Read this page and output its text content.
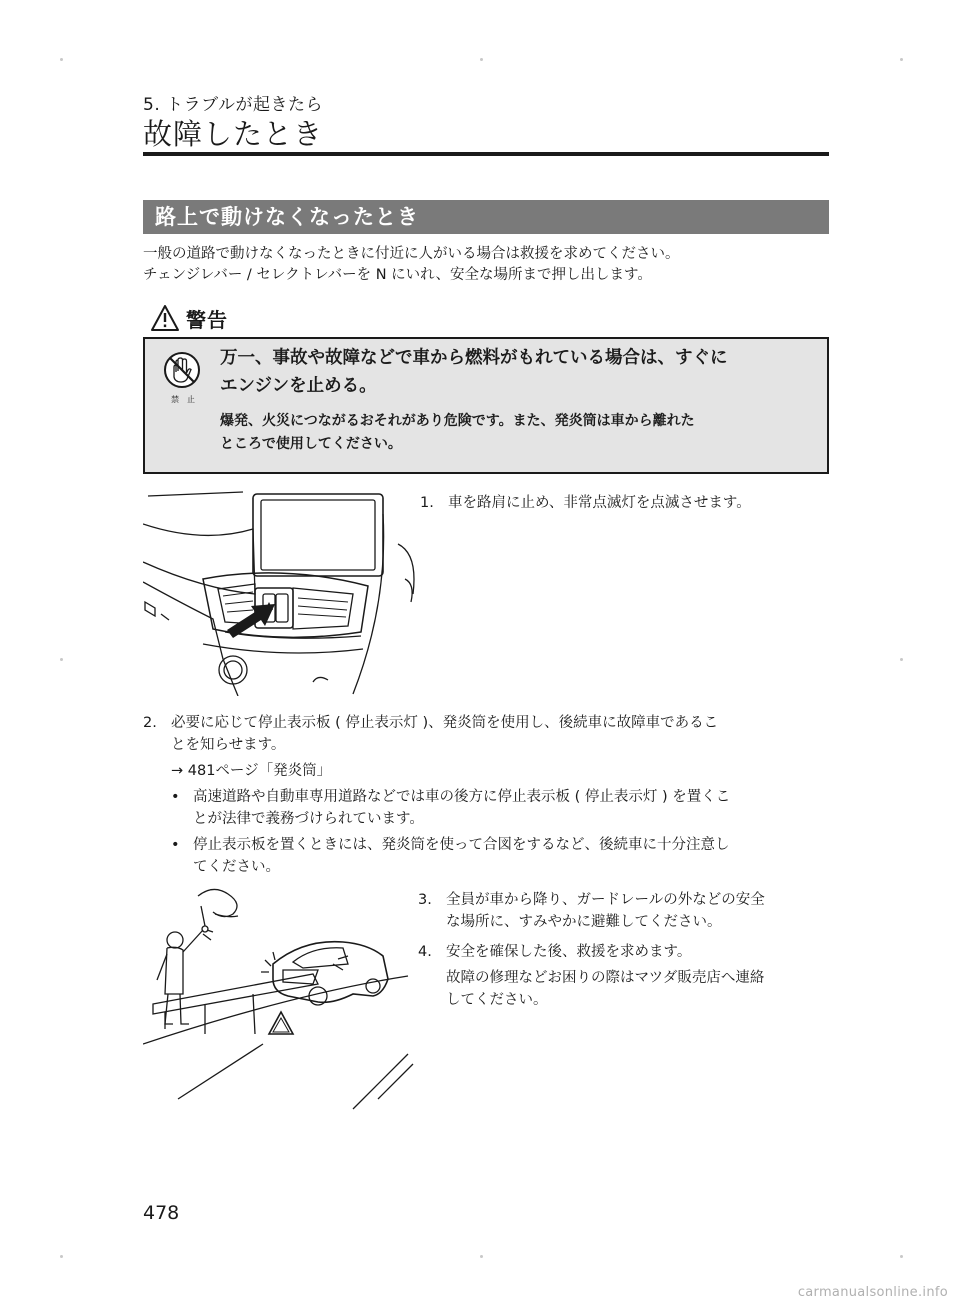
5. トラブルが起きたら
故障したとき
路上で動けなくなったとき
一般の道路で動けなくなったときに付近に人がいる場合は救援を求めてください。
チェンジレバー / セレクトレバーを N にいれ、安全な場所まで押し出します。
警告
禁　止
万一、事故や故障などで車から燃料がもれている場合は、すぐに
エンジンを止める。
爆発、火災につながるおそれがあり危険です。また、発炎筒は車から離れた
ところで使用してください。
1. 車を路肩に止め、非常点滅灯を点滅させます。
2. 必要に応じて停止表示板 ( 停止表示灯 )、発炎筒を使用し、後続車に故障車であるこ
とを知らせます。
→ 481ページ「発炎筒」
• 高速道路や自動車専用道路などでは車の後方に停止表示板 ( 停止表示灯 ) を置くこ
とが法律で義務づけられています。
• 停止表示板を置くときには、発炎筒を使って合図をするなど、後続車に十分注意し
てください。
3. 全員が車から降り、ガードレールの外などの安全
な場所に、すみやかに避難してください。
4. 安全を確保した後、救援を求めます。
故障の修理などお困りの際はマツダ販売店へ連絡
してください。
478
carmanualsonline.info
